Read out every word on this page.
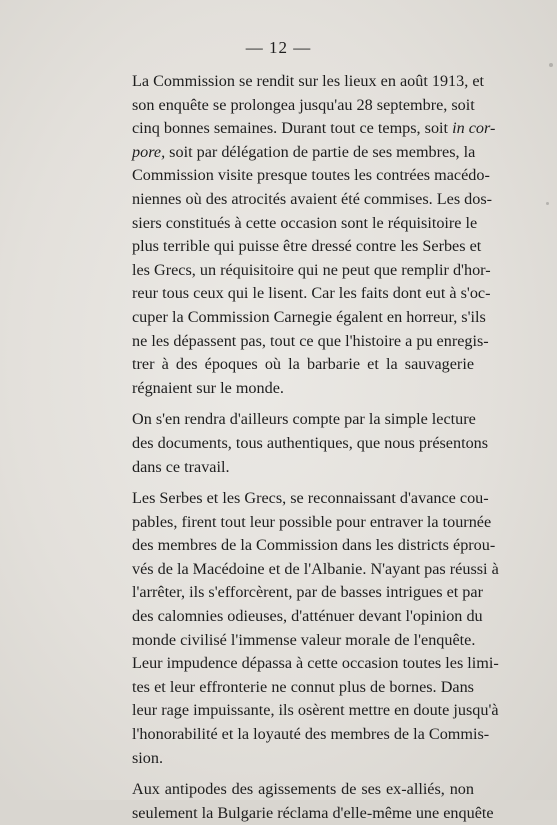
— 12 —

La Commission se rendit sur les lieux en août 1913, et
son enquête se prolongea jusqu'au 28 septembre, soit
cinq bonnes semaines. Durant tout ce temps, soit in cor-
pore, soit par délégation de partie de ses membres, la
Commission visite presque toutes les contrées macédo-
niennes où des atrocités avaient été commises. Les dos-
siers constitués à cette occasion sont le réquisitoire le
plus terrible qui puisse être dressé contre les Serbes et
les Grecs, un réquisitoire qui ne peut que remplir d'hor-
reur tous ceux qui le lisent. Car les faits dont eut à s'oc-
cuper la Commission Carnegie égalent en horreur, s'ils
ne les dépassent pas, tout ce que l'histoire a pu enregis-
trer à des époques où la barbarie et la sauvagerie
régnaient sur le monde.

On s'en rendra d'ailleurs compte par la simple lecture
des documents, tous authentiques, que nous présentons
dans ce travail.

Les Serbes et les Grecs, se reconnaissant d'avance cou-
pables, firent tout leur possible pour entraver la tournée
des membres de la Commission dans les districts éprou-
vés de la Macédoine et de l'Albanie. N'ayant pas réussi à
l'arrêter, ils s'efforcèrent, par de basses intrigues et par
des calomnies odieuses, d'atténuer devant l'opinion du
monde civilisé l'immense valeur morale de l'enquête.
Leur impudence dépassa à cette occasion toutes les limi-
tes et leur effronterie ne connut plus de bornes. Dans
leur rage impuissante, ils osèrent mettre en doute jusqu'à
l'honorabilité et la loyauté des membres de la Commis-
sion.

Aux antipodes des agissements de ses ex-alliés, non
seulement la Bulgarie réclama d'elle-même une enquête
